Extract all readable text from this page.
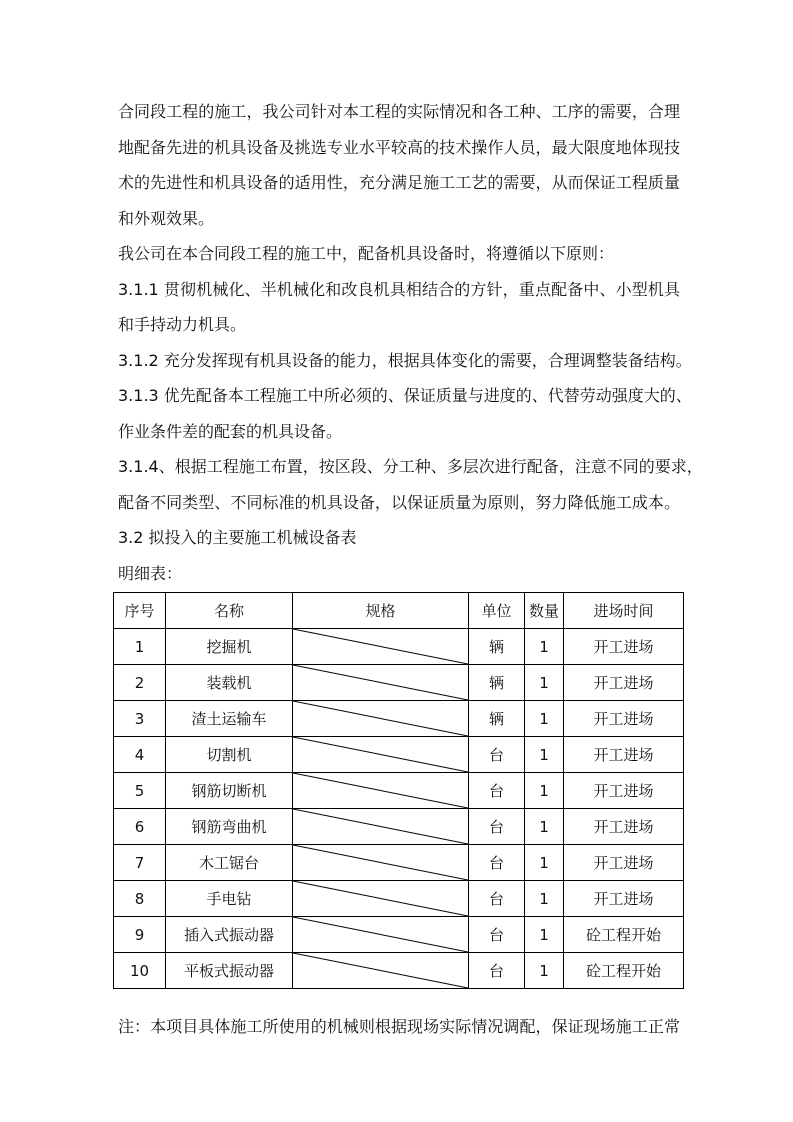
合同段工程的施工，我公司针对本工程的实际情况和各工种、工序的需要，合理
地配备先进的机具设备及挑选专业水平较高的技术操作人员，最大限度地体现技
术的先进性和机具设备的适用性，充分满足施工工艺的需要，从而保证工程质量
和外观效果。
我公司在本合同段工程的施工中，配备机具设备时，将遵循以下原则：
3.1.1 贯彻机械化、半机械化和改良机具相结合的方针，重点配备中、小型机具
和手持动力机具。
3.1.2 充分发挥现有机具设备的能力，根据具体变化的需要，合理调整装备结构。
3.1.3 优先配备本工程施工中所必须的、保证质量与进度的、代替劳动强度大的、
作业条件差的配套的机具设备。
3.1.4、根据工程施工布置，按区段、分工种、多层次进行配备，注意不同的要求，
配备不同类型、不同标准的机具设备，以保证质量为原则，努力降低施工成本。
3.2 拟投入的主要施工机械设备表
明细表：
序号	名称	规格	单位	数量	进场时间
1	挖掘机		辆	1	开工进场
2	装载机		辆	1	开工进场
3	渣土运输车		辆	1	开工进场
4	切割机		台	1	开工进场
5	钢筋切断机		台	1	开工进场
6	钢筋弯曲机		台	1	开工进场
7	木工锯台		台	1	开工进场
8	手电钻		台	1	开工进场
9	插入式振动器		台	1	砼工程开始
10	平板式振动器		台	1	砼工程开始
注：本项目具体施工所使用的机械则根据现场实际情况调配，保证现场施工正常
